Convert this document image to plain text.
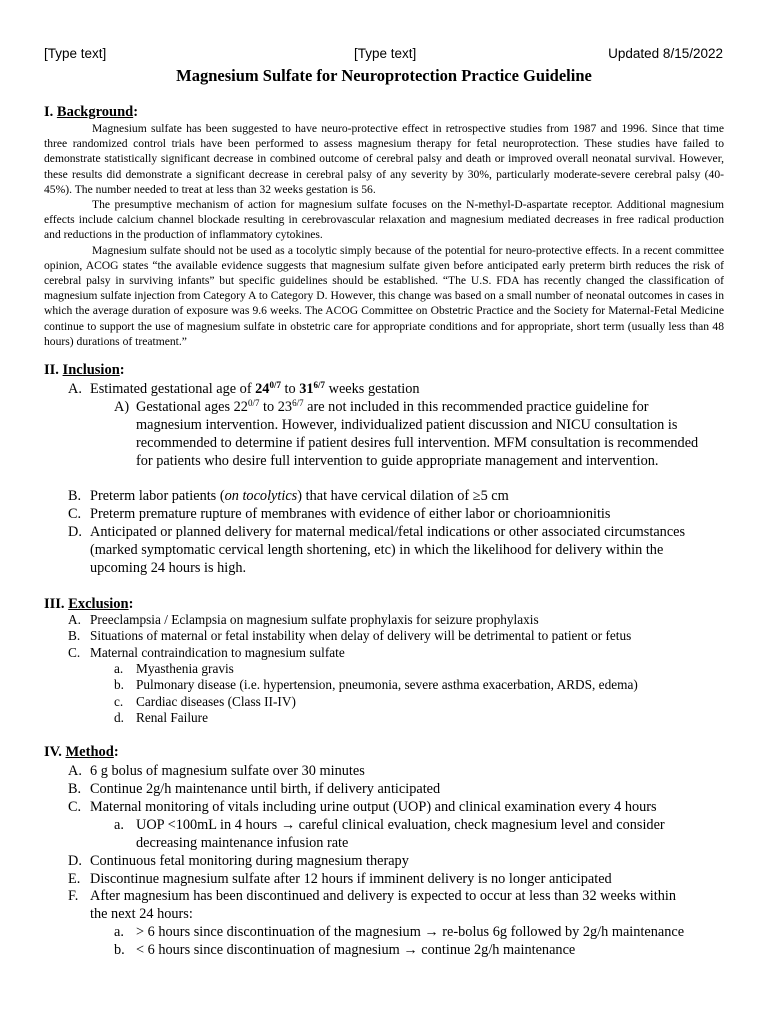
[Type text]	[Type text]	Updated 8/15/2022
Magnesium Sulfate for Neuroprotection Practice Guideline
I. Background:

Magnesium sulfate has been suggested to have neuro-protective effect in retrospective studies from 1987 and 1996. Since that time three randomized control trials have been performed to assess magnesium therapy for fetal neuroprotection. These studies have failed to demonstrate statistically significant decrease in combined outcome of cerebral palsy and death or improved overall neonatal survival. However, these results did demonstrate a significant decrease in cerebral palsy of any severity by 30%, particularly moderate-severe cerebral palsy (40-45%). The number needed to treat at less than 32 weeks gestation is 56.

The presumptive mechanism of action for magnesium sulfate focuses on the N-methyl-D-aspartate receptor. Additional magnesium effects include calcium channel blockade resulting in cerebrovascular relaxation and magnesium mediated decreases in free radical production and reductions in the production of inflammatory cytokines.

Magnesium sulfate should not be used as a tocolytic simply because of the potential for neuro-protective effects. In a recent committee opinion, ACOG states “the available evidence suggests that magnesium sulfate given before anticipated early preterm birth reduces the risk of cerebral palsy in surviving infants” but specific guidelines should be established. “The U.S. FDA has recently changed the classification of magnesium sulfate injection from Category A to Category D. However, this change was based on a small number of neonatal outcomes in cases in which the average duration of exposure was 9.6 weeks. The ACOG Committee on Obstetric Practice and the Society for Maternal-Fetal Medicine continue to support the use of magnesium sulfate in obstetric care for appropriate conditions and for appropriate, short term (usually less than 48 hours) durations of treatment.”

II. Inclusion:
A. Estimated gestational age of $24^{0/7}$ to $31^{6/7}$ weeks gestation
A) Gestational ages $22^{0/7}$ to $23^{6/7}$ are not included in this recommended practice guideline for magnesium intervention. However, individualized patient discussion and NICU consultation is recommended to determine if patient desires full intervention. MFM consultation is recommended for patients who desire full intervention to guide appropriate management and intervention.
B. Preterm labor patients (on tocolytics) that have cervical dilation of ≥5 cm
C. Preterm premature rupture of membranes with evidence of either labor or chorioamnionitis
D. Anticipated or planned delivery for maternal medical/fetal indications or other associated circumstances (marked symptomatic cervical length shortening, etc) in which the likelihood for delivery within the upcoming 24 hours is high.
III. Exclusion:
A. Preeclampsia / Eclampsia on magnesium sulfate prophylaxis for seizure prophylaxis
B. Situations of maternal or fetal instability when delay of delivery will be detrimental to patient or fetus
C. Maternal contraindication to magnesium sulfate
a. Myasthenia gravis
b. Pulmonary disease (i.e. hypertension, pneumonia, severe asthma exacerbation, ARDS, edema)
c. Cardiac diseases (Class II-IV)
d. Renal Failure
IV. Method:
A. 6 g bolus of magnesium sulfate over 30 minutes
B. Continue 2g/h maintenance until birth, if delivery anticipated
C. Maternal monitoring of vitals including urine output (UOP) and clinical examination every 4 hours
a. UOP <100mL in 4 hours → careful clinical evaluation, check magnesium level and consider
decreasing maintenance infusion rate
D. Continuous fetal monitoring during magnesium therapy
E. Discontinue magnesium sulfate after 12 hours if imminent delivery is no longer anticipated
F. After magnesium has been discontinued and delivery is expected to occur at less than 32 weeks within
the next 24 hours:
a. > 6 hours since discontinuation of the magnesium → re-bolus 6g followed by 2g/h maintenance
b. < 6 hours since discontinuation of magnesium → continue 2g/h maintenance
